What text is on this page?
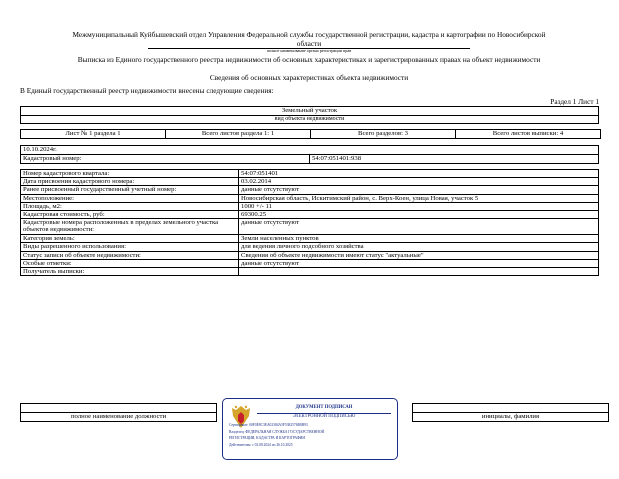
Межмуниципальный Куйбышевский отдел Управления Федеральной службы государственной регистрации, кадастра и картографии по Новосибирской
области
полное наименование органа регистрации прав
Выписка из Единого государственного реестра недвижимости об основных характеристиках и зарегистрированных правах на объект недвижимости
Сведения об основных характеристиках объекта недвижимости
В Единый государственный реестр недвижимости внесены следующие сведения:
Раздел 1 Лист 1
Земельный участок
вид объекта недвижимости
Лист № 1 раздела 1	Всего листов раздела 1: 1	Всего разделов: 3	Всего листов выписки: 4
10.10.2024г.
Кадастровый номер:	54:07:051401:938
Номер кадастрового квартала:	54:07:051401
Дата присвоения кадастрового номера:	03.02.2014
Ранее присвоенный государственный учетный номер:	данные отсутствуют
Местоположение:	Новосибирская область, Искитимский район, с. Верх-Коен, улица Новая, участок 5
Площадь, м2:	1000 +/- 11
Кадастровая стоимость, руб:	69300.25
Кадастровые номера расположенных в пределах земельного участка объектов недвижимости:	данные отсутствуют
Категория земель:	Земли населенных пунктов
Виды разрешенного использования:	для ведения личного подсобного хозяйства
Статус записи об объекте недвижимости:	Сведения об объекте недвижимости имеют статус "актуальные"
Особые отметки:	данные отсутствуют
Получатель выписки:	

полное наименование должности		инициалы, фамилия
ДОКУМЕНТ ПОДПИСАН
ЭЛЕКТРОННОЙ ПОДПИСЬЮ
Сертификат: 00F0E8C3EA02384A5F5382576B0B93
Владелец: ФЕДЕРАЛЬНАЯ СЛУЖБА ГОСУДАРСТВЕННОЙ
РЕГИСТРАЦИИ, КАДАСТРА И КАРТОГРАФИИ
Действителен: с 02.08.2024 по 26.10.2025
